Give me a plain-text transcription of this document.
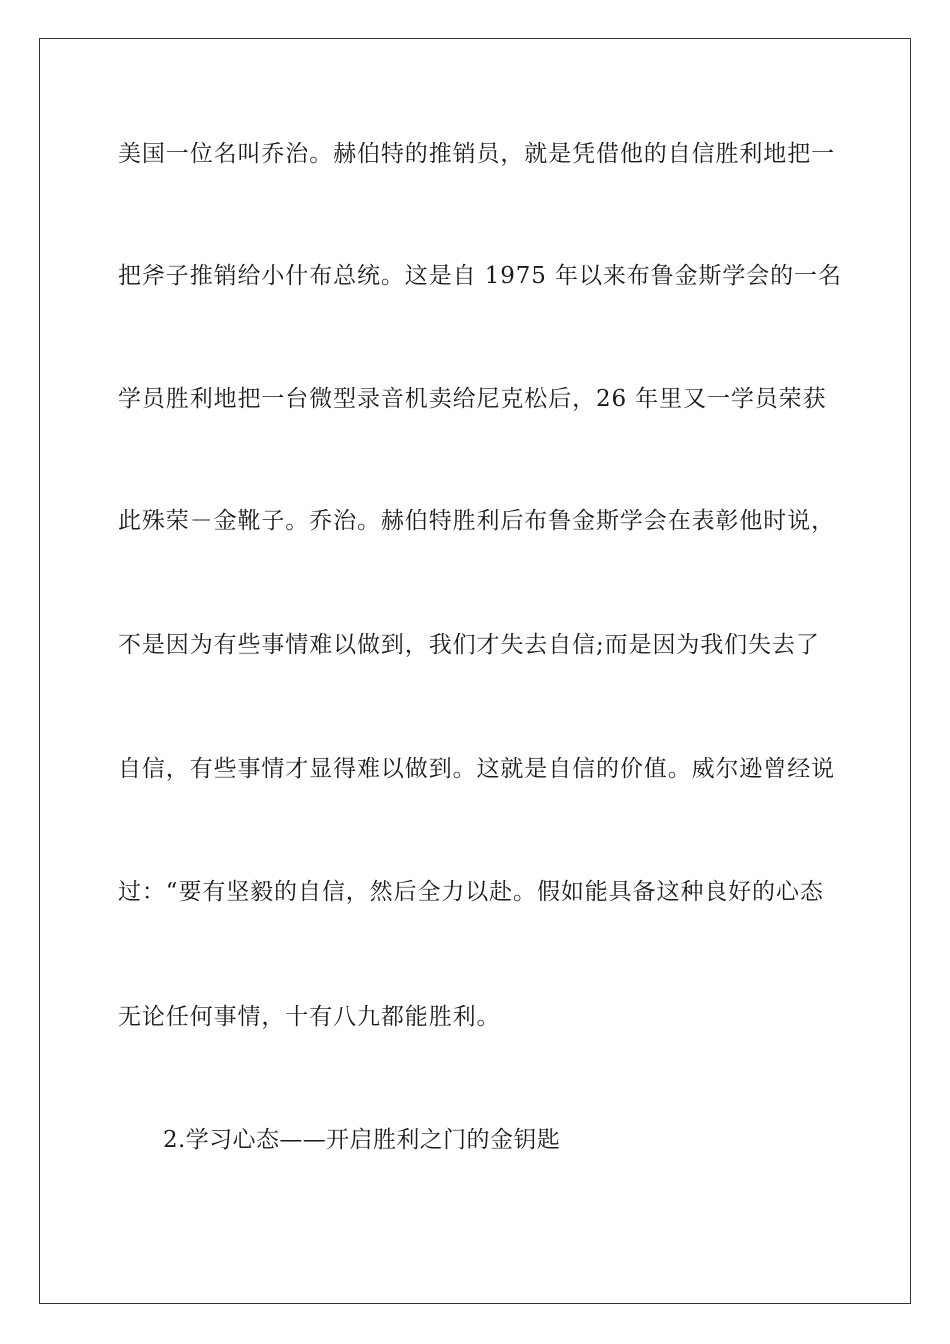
美国一位名叫乔治。赫伯特的推销员，就是凭借他的自信胜利地把一
把斧子推销给小什布总统。这是自 1975 年以来布鲁金斯学会的一名
学员胜利地把一台微型录音机卖给尼克松后，26 年里又一学员荣获
此殊荣－金靴子。乔治。赫伯特胜利后布鲁金斯学会在表彰他时说，
不是因为有些事情难以做到，我们才失去自信;而是因为我们失去了
自信，有些事情才显得难以做到。这就是自信的价值。威尔逊曾经说
过：“要有坚毅的自信，然后全力以赴。假如能具备这种良好的心态
无论任何事情，十有八九都能胜利。
2.学习心态——开启胜利之门的金钥匙
